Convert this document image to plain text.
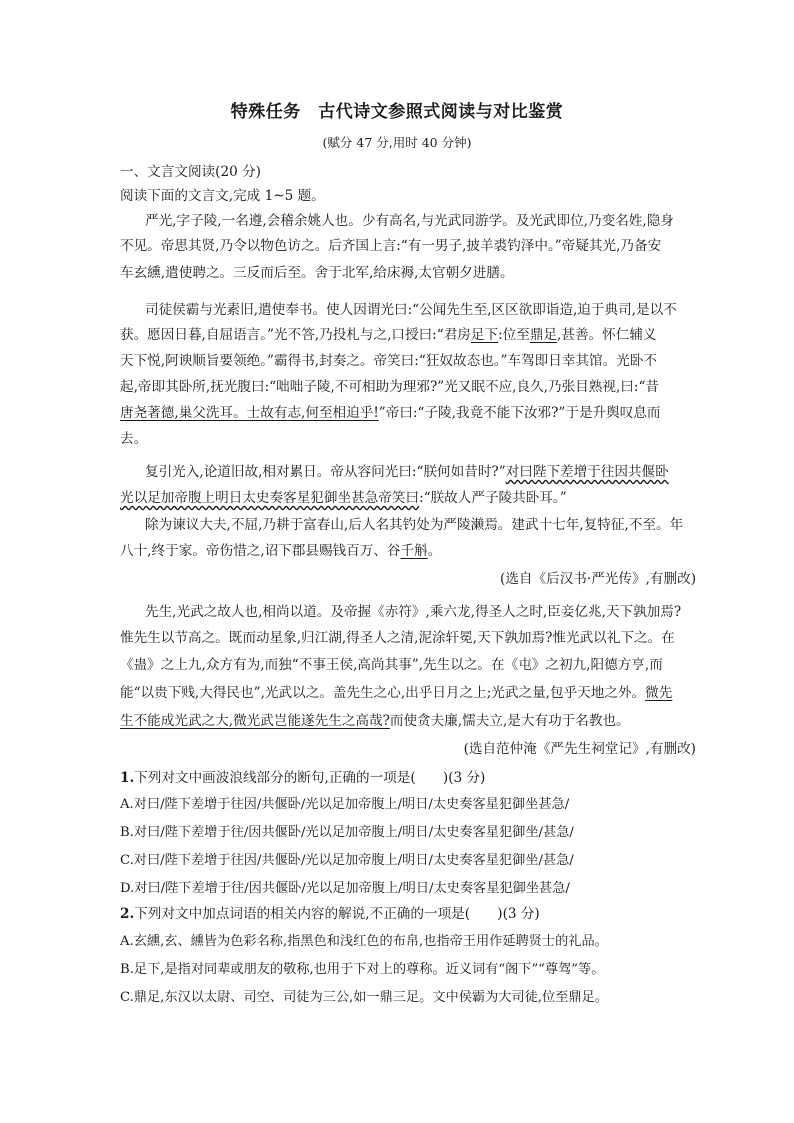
特殊任务　古代诗文参照式阅读与对比鉴赏
(赋分 47 分,用时 40 分钟)
一、文言文阅读(20 分)
阅读下面的文言文,完成 1~5 题。
严光,字子陵,一名遵,会稽余姚人也。少有高名,与光武同游学。及光武即位,乃变名姓,隐身
不见。帝思其贤,乃令以物色访之。后齐国上言:“有一男子,披羊裘钓泽中。”帝疑其光,乃备安
车玄纁,遣使聘之。三反而后至。舍于北军,给床褥,太官朝夕进膳。
司徒侯霸与光素旧,遣使奉书。使人因谓光曰:“公闻先生至,区区欲即诣造,迫于典司,是以不
获。愿因日暮,自屈语言。”光不答,乃投札与之,口授曰:“君房足下:位至鼎足,甚善。怀仁辅义
天下悦,阿谀顺旨要领绝。”霸得书,封奏之。帝笑曰:“狂奴故态也。”车驾即日幸其馆。光卧不
起,帝即其卧所,抚光腹曰:“咄咄子陵,不可相助为理邪?”光又眠不应,良久,乃张目熟视,曰:“昔
唐尧著德,巢父洗耳。士故有志,何至相迫乎!”帝曰:“子陵,我竟不能下汝邪?”于是升舆叹息而
去。
复引光入,论道旧故,相对累日。帝从容问光曰:“朕何如昔时?”对曰陛下差增于往因共偃卧
光以足加帝腹上明日太史奏客星犯御坐甚急帝笑曰:“朕故人严子陵共卧耳。”
除为谏议大夫,不屈,乃耕于富春山,后人名其钓处为严陵濑焉。建武十七年,复特征,不至。年
八十,终于家。帝伤惜之,诏下郡县赐钱百万、谷千斛。
(选自《后汉书·严光传》,有删改)
先生,光武之故人也,相尚以道。及帝握《赤符》,乘六龙,得圣人之时,臣妾亿兆,天下孰加焉?
惟先生以节高之。既而动星象,归江湖,得圣人之清,泥涂轩冕,天下孰加焉?惟光武以礼下之。在
《蛊》之上九,众方有为,而独“不事王侯,高尚其事”,先生以之。在《屯》之初九,阳德方亨,而
能“以贵下贱,大得民也”,光武以之。盖先生之心,出乎日月之上;光武之量,包乎天地之外。微先
生不能成光武之大,微光武岂能遂先生之高哉?而使贪夫廉,懦夫立,是大有功于名教也。
(选自范仲淹《严先生祠堂记》,有删改)
1.下列对文中画波浪线部分的断句,正确的一项是(　　)(3 分)
A.对曰/陛下差增于往因/共偃卧/光以足加帝腹上/明日/太史奏客星犯御坐甚急/
B.对曰/陛下差增于往/因共偃卧/光以足加帝腹上/明日/太史奏客星犯御坐/甚急/
C.对曰/陛下差增于往因/共偃卧/光以足加帝腹上/明日/太史奏客星犯御坐/甚急/
D.对曰/陛下差增于往/因共偃卧/光以足加帝腹上/明日/太史奏客星犯御坐甚急/
2.下列对文中加点词语的相关内容的解说,不正确的一项是(　　)(3 分)
A.玄纁,玄、纁皆为色彩名称,指黑色和浅红色的布帛,也指帝王用作延聘贤士的礼品。
B.足下,是指对同辈或朋友的敬称,也用于下对上的尊称。近义词有“阁下”“尊驾”等。
C.鼎足,东汉以太尉、司空、司徒为三公,如一鼎三足。文中侯霸为大司徒,位至鼎足。
